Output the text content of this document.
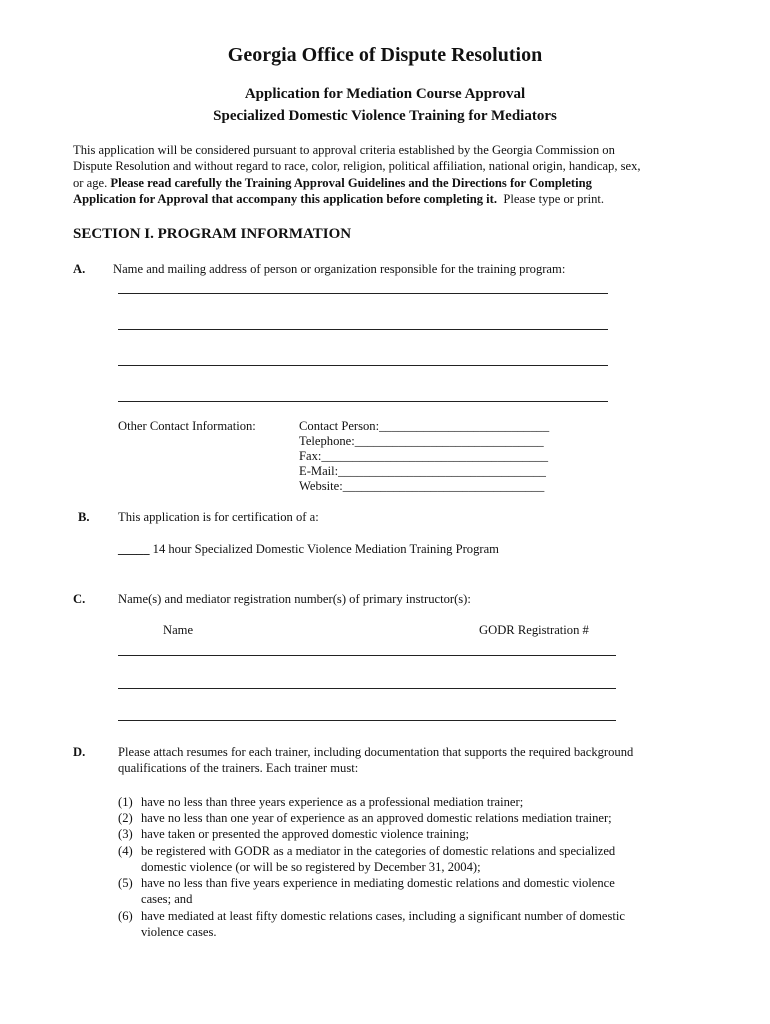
Georgia Office of Dispute Resolution
Application for Mediation Course Approval
Specialized Domestic Violence Training for Mediators
This application will be considered pursuant to approval criteria established by the Georgia Commission on
Dispute Resolution and without regard to race, color, religion, political affiliation, national origin, handicap, sex,
or age. Please read carefully the Training Approval Guidelines and the Directions for Completing
Application for Approval that accompany this application before completing it. Please type or print.
SECTION I. PROGRAM INFORMATION
A. Name and mailing address of person or organization responsible for the training program:
Other Contact Information:	Contact Person:___________________________
Telephone:______________________________
Fax:____________________________________
E-Mail:_________________________________
Website:________________________________
B. This application is for certification of a:
_____ 14 hour Specialized Domestic Violence Mediation Training Program
C.	Name(s) and mediator registration number(s) of primary instructor(s):
Name	GODR Registration #
D.	Please attach resumes for each trainer, including documentation that supports the required background
qualifications of the trainers. Each trainer must:
(1) have no less than three years experience as a professional mediation trainer;
(2) have no less than one year of experience as an approved domestic relations mediation trainer;
(3) have taken or presented the approved domestic violence training;
(4) be registered with GODR as a mediator in the categories of domestic relations and specialized
domestic violence (or will be so registered by December 31, 2004);
(5) have no less than five years experience in mediating domestic relations and domestic violence
cases; and
(6) have mediated at least fifty domestic relations cases, including a significant number of domestic
violence cases.
